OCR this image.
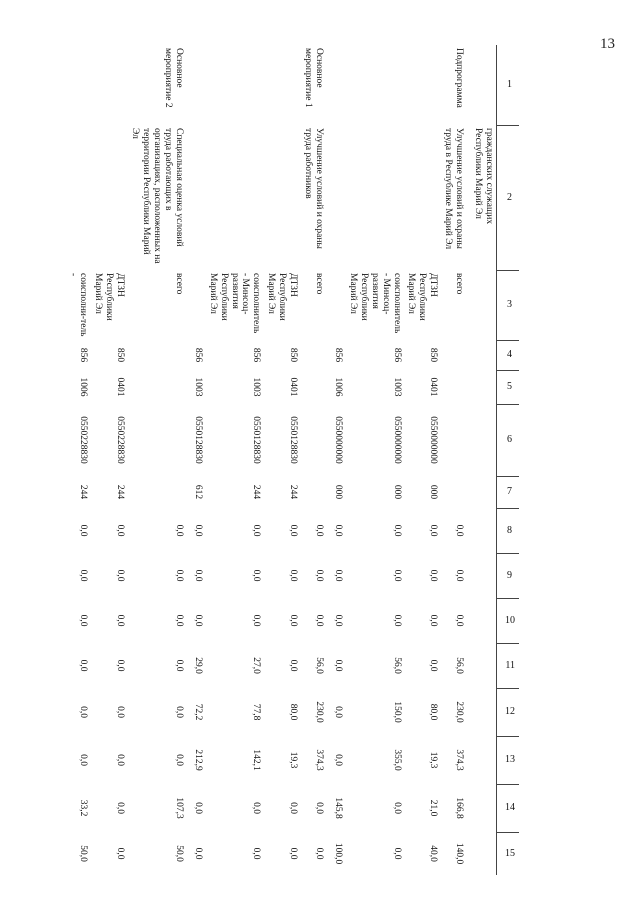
13
1	2	3	4	5	6	7	8	9	10	11	12	13	14	15
	гражданских служащих Республики Марий Эл													
Подпрограмма	Улучшение условий и охраны труда в Республике Марий Эл	всего					0,0	0,0	0,0	56,0	230,0	374,3	166,8	140,0
		ДТЗН Республики Марий Эл	850	0401	0550000000	000	0,0	0,0	0,0	0,0	80,0	19,3	21,0	40,0
		соисполнитель - Минсоц-развития Республики Марий Эл	856	1003	0550000000	000	0,0	0,0	0,0	56,0	150,0	355,0	0,0	0,0
			856	1006	0550000000	000	0,0	0,0	0,0	0,0	0,0	0,0	145,8	100,0
Основное мероприятие 1	Улучшение условий и охраны труда работников	всего					0,0	0,0	0,0	56,0	230,0	374,3	0,0	0,0
		ДТЗН Республики Марий Эл	850	0401	0550128830	244	0,0	0,0	0,0	0,0	80,0	19,3	0,0	0,0
		соисполнитель - Минсоц-развития Республики Марий Эл	856	1003	0550128830	244	0,0	0,0	0,0	27,0	77,8	142,1	0,0	0,0
			856	1003	0550128830	612	0,0	0,0	0,0	29,0	72,2	212,9	0,0	0,0
Основное мероприятие 2	Специальная оценка условий труда работающих в организациях, расположенных на территории Республики Марий Эл	всего					0,0	0,0	0,0	0,0	0,0	0,0	107,3	50,0
		ДТЗН Республики Марий Эл	850	0401	0550228830	244	0,0	0,0	0,0	0,0	0,0	0,0	0,0	0,0
		соисполни-тель -	856	1006	0550228830	244	0,0	0,0	0,0	0,0	0,0	0,0	33,2	50,0
